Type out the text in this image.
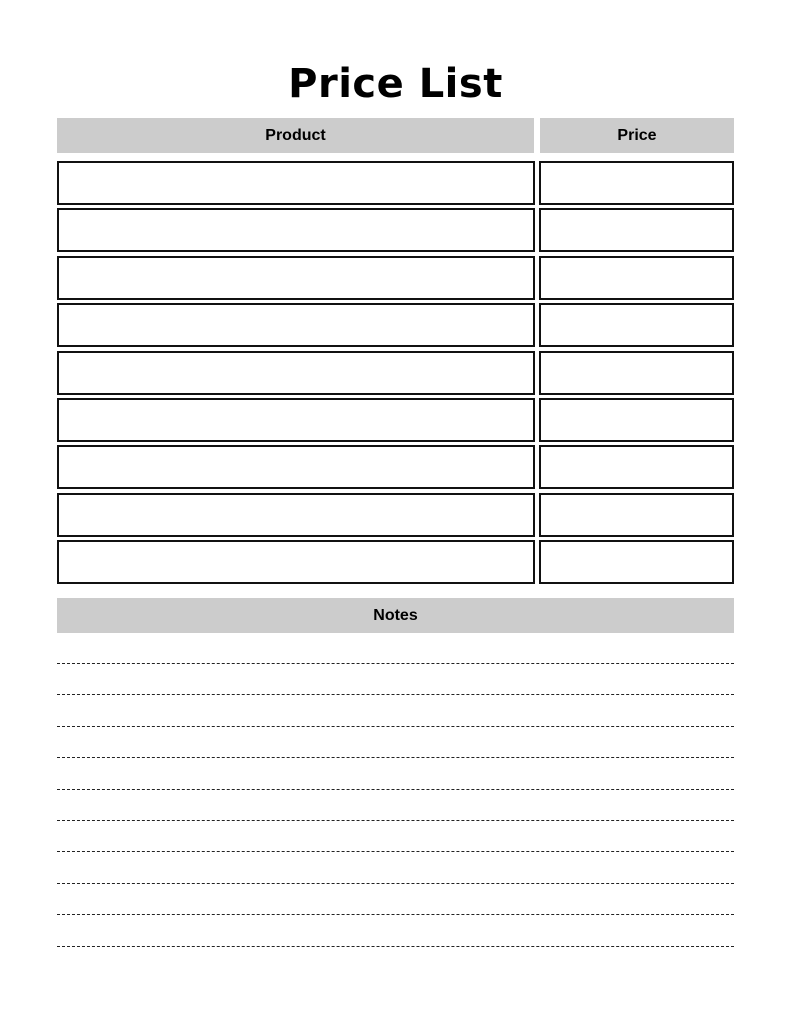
Price List
Product	Price
Notes
